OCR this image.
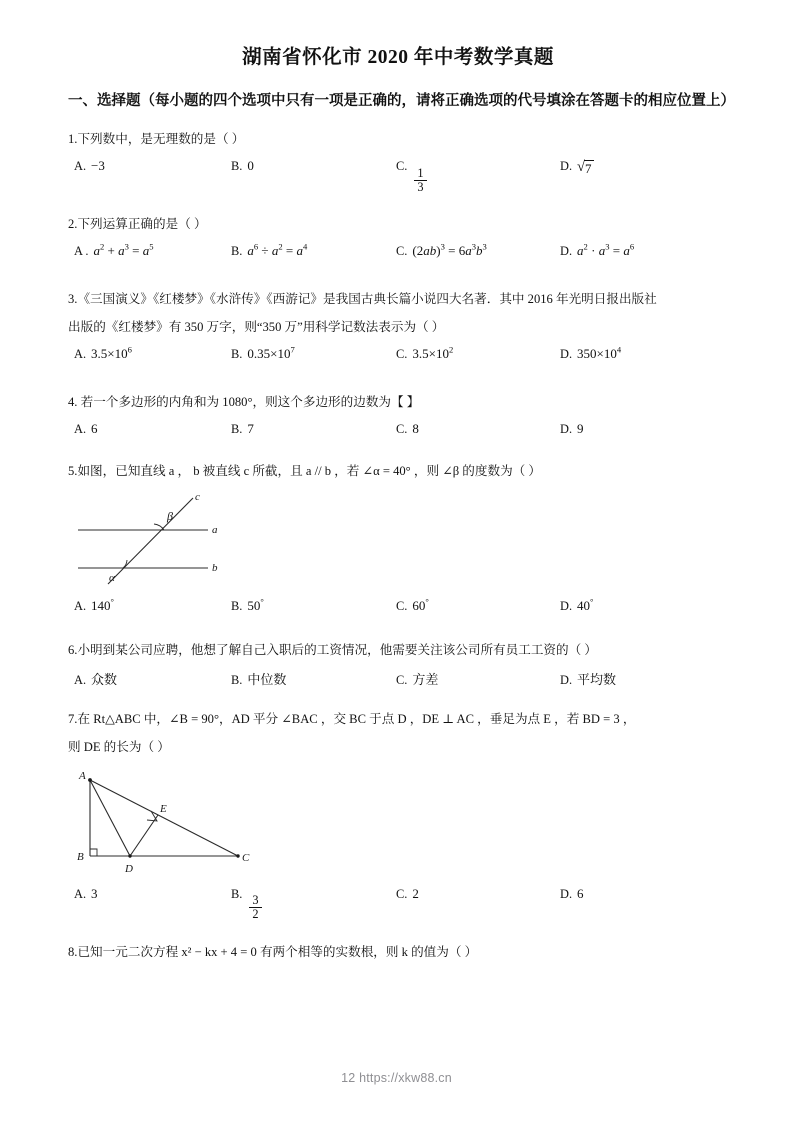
湖南省怀化市 2020 年中考数学真题

一、选择题（每小题的四个选项中只有一项是正确的，请将正确选项的代号填涂在答题卡的相应位置上）

1.下列数中，是无理数的是（ ）

A. −3	B. 0	C.
$\frac{1}{3}$
D. √ 7

2.下列运算正确的是（ ）

A . $a^2 + a^3 = a^5$	B. $a^6 \div a^2 = a^4$	C. $(2ab)^3 = 6a^3b^3$	D. $a^2 \cdot a^3 = a^6$

3.《三国演义》《红楼梦》《水浒传》《西游记》是我国古典长篇小说四大名著．其中 2016 年光明日报出版社

出版的《红楼梦》有 350 万字，则“350 万”用科学记数法表示为（ ）

A. $3.5\times 10^6$	B. $0.35\times 10^7$	C. $3.5\times 10^2$	D. $350\times 10^4$

4. 若一个多边形的内角和为 1080°，则这个多边形的边数为【 】

A. 6	B. 7	C. 8	D. 9

5.如图，已知直线 a ， b 被直线 c 所截，且 a // b ，若 ∠α = 40° ，则 ∠β 的度数为（ ）

c
β
a
α
b
A. 140°	B. 50°	C. 60°	D. 40°

6.小明到某公司应聘，他想了解自己入职后的工资情况，他需要关注该公司所有员工工资的（ ）

A. 众数	B. 中位数	C. 方差	D. 平均数

7.在 Rt△ABC 中，∠B = 90°，AD 平分 ∠BAC ，交 BC 于点 D ，DE ⊥ AC ，垂足为点 E ，若 BD = 3 ，

则 DE 的长为（ ）

A
E
B
D
C
A. 3	B.
$\frac{3}{2}$
C. 2	D. 6

8.已知一元二次方程 x² − kx + 4 = 0 有两个相等的实数根，则 k 的值为（ ）

12 https://xkw88.cn
